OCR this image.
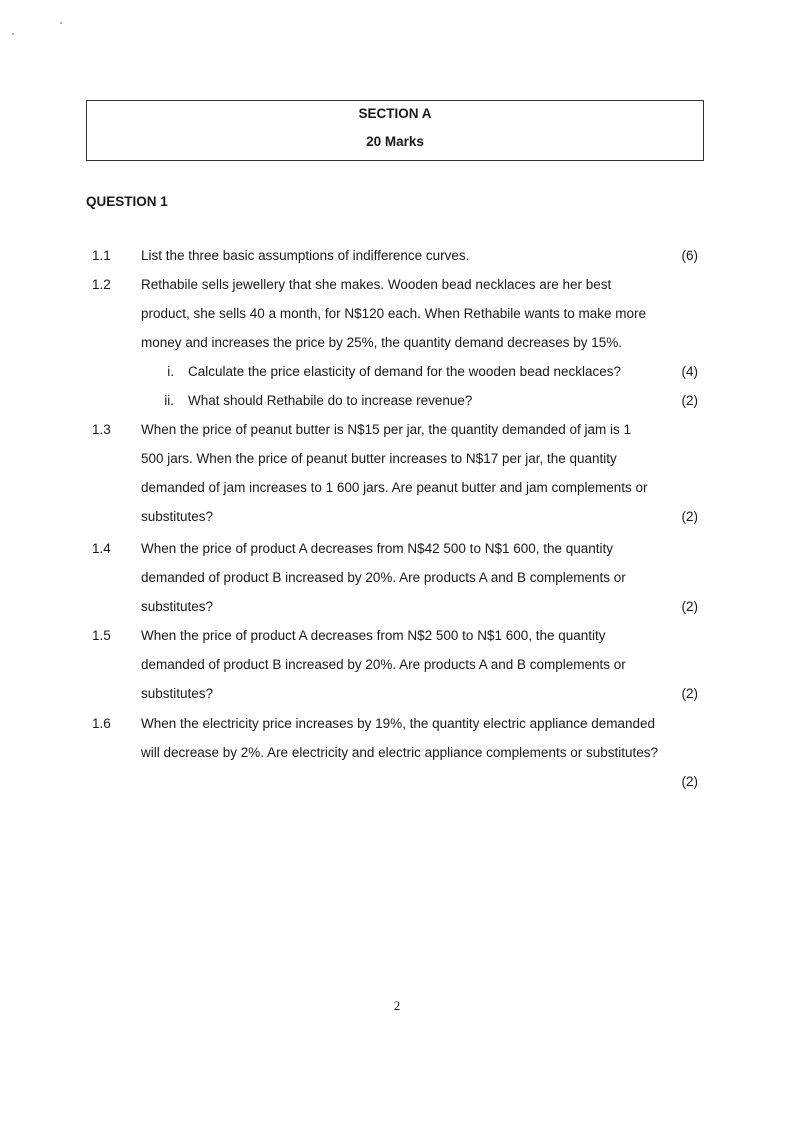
SECTION A
20 Marks
QUESTION 1
1.1 List the three basic assumptions of indifference curves.	(6)
1.2 Rethabile sells jewellery that she makes. Wooden bead necklaces are her best
product, she sells 40 a month, for N$120 each. When Rethabile wants to make more
money and increases the price by 25%, the quantity demand decreases by 15%.
i. Calculate the price elasticity of demand for the wooden bead necklaces?	(4)
ii. What should Rethabile do to increase revenue?	(2)
1.3 When the price of peanut butter is N$15 per jar, the quantity demanded of jam is 1
500 jars. When the price of peanut butter increases to N$17 per jar, the quantity
demanded of jam increases to 1 600 jars. Are peanut butter and jam complements or
substitutes?	(2)
1.4 When the price of product A decreases from N$42 500 to N$1 600, the quantity
demanded of product B increased by 20%. Are products A and B complements or
substitutes?	(2)
1.5 When the price of product A decreases from N$2 500 to N$1 600, the quantity
demanded of product B increased by 20%. Are products A and B complements or
substitutes?	(2)
1.6 When the electricity price increases by 19%, the quantity electric appliance demanded
will decrease by 2%. Are electricity and electric appliance complements or substitutes?
(2)
2
